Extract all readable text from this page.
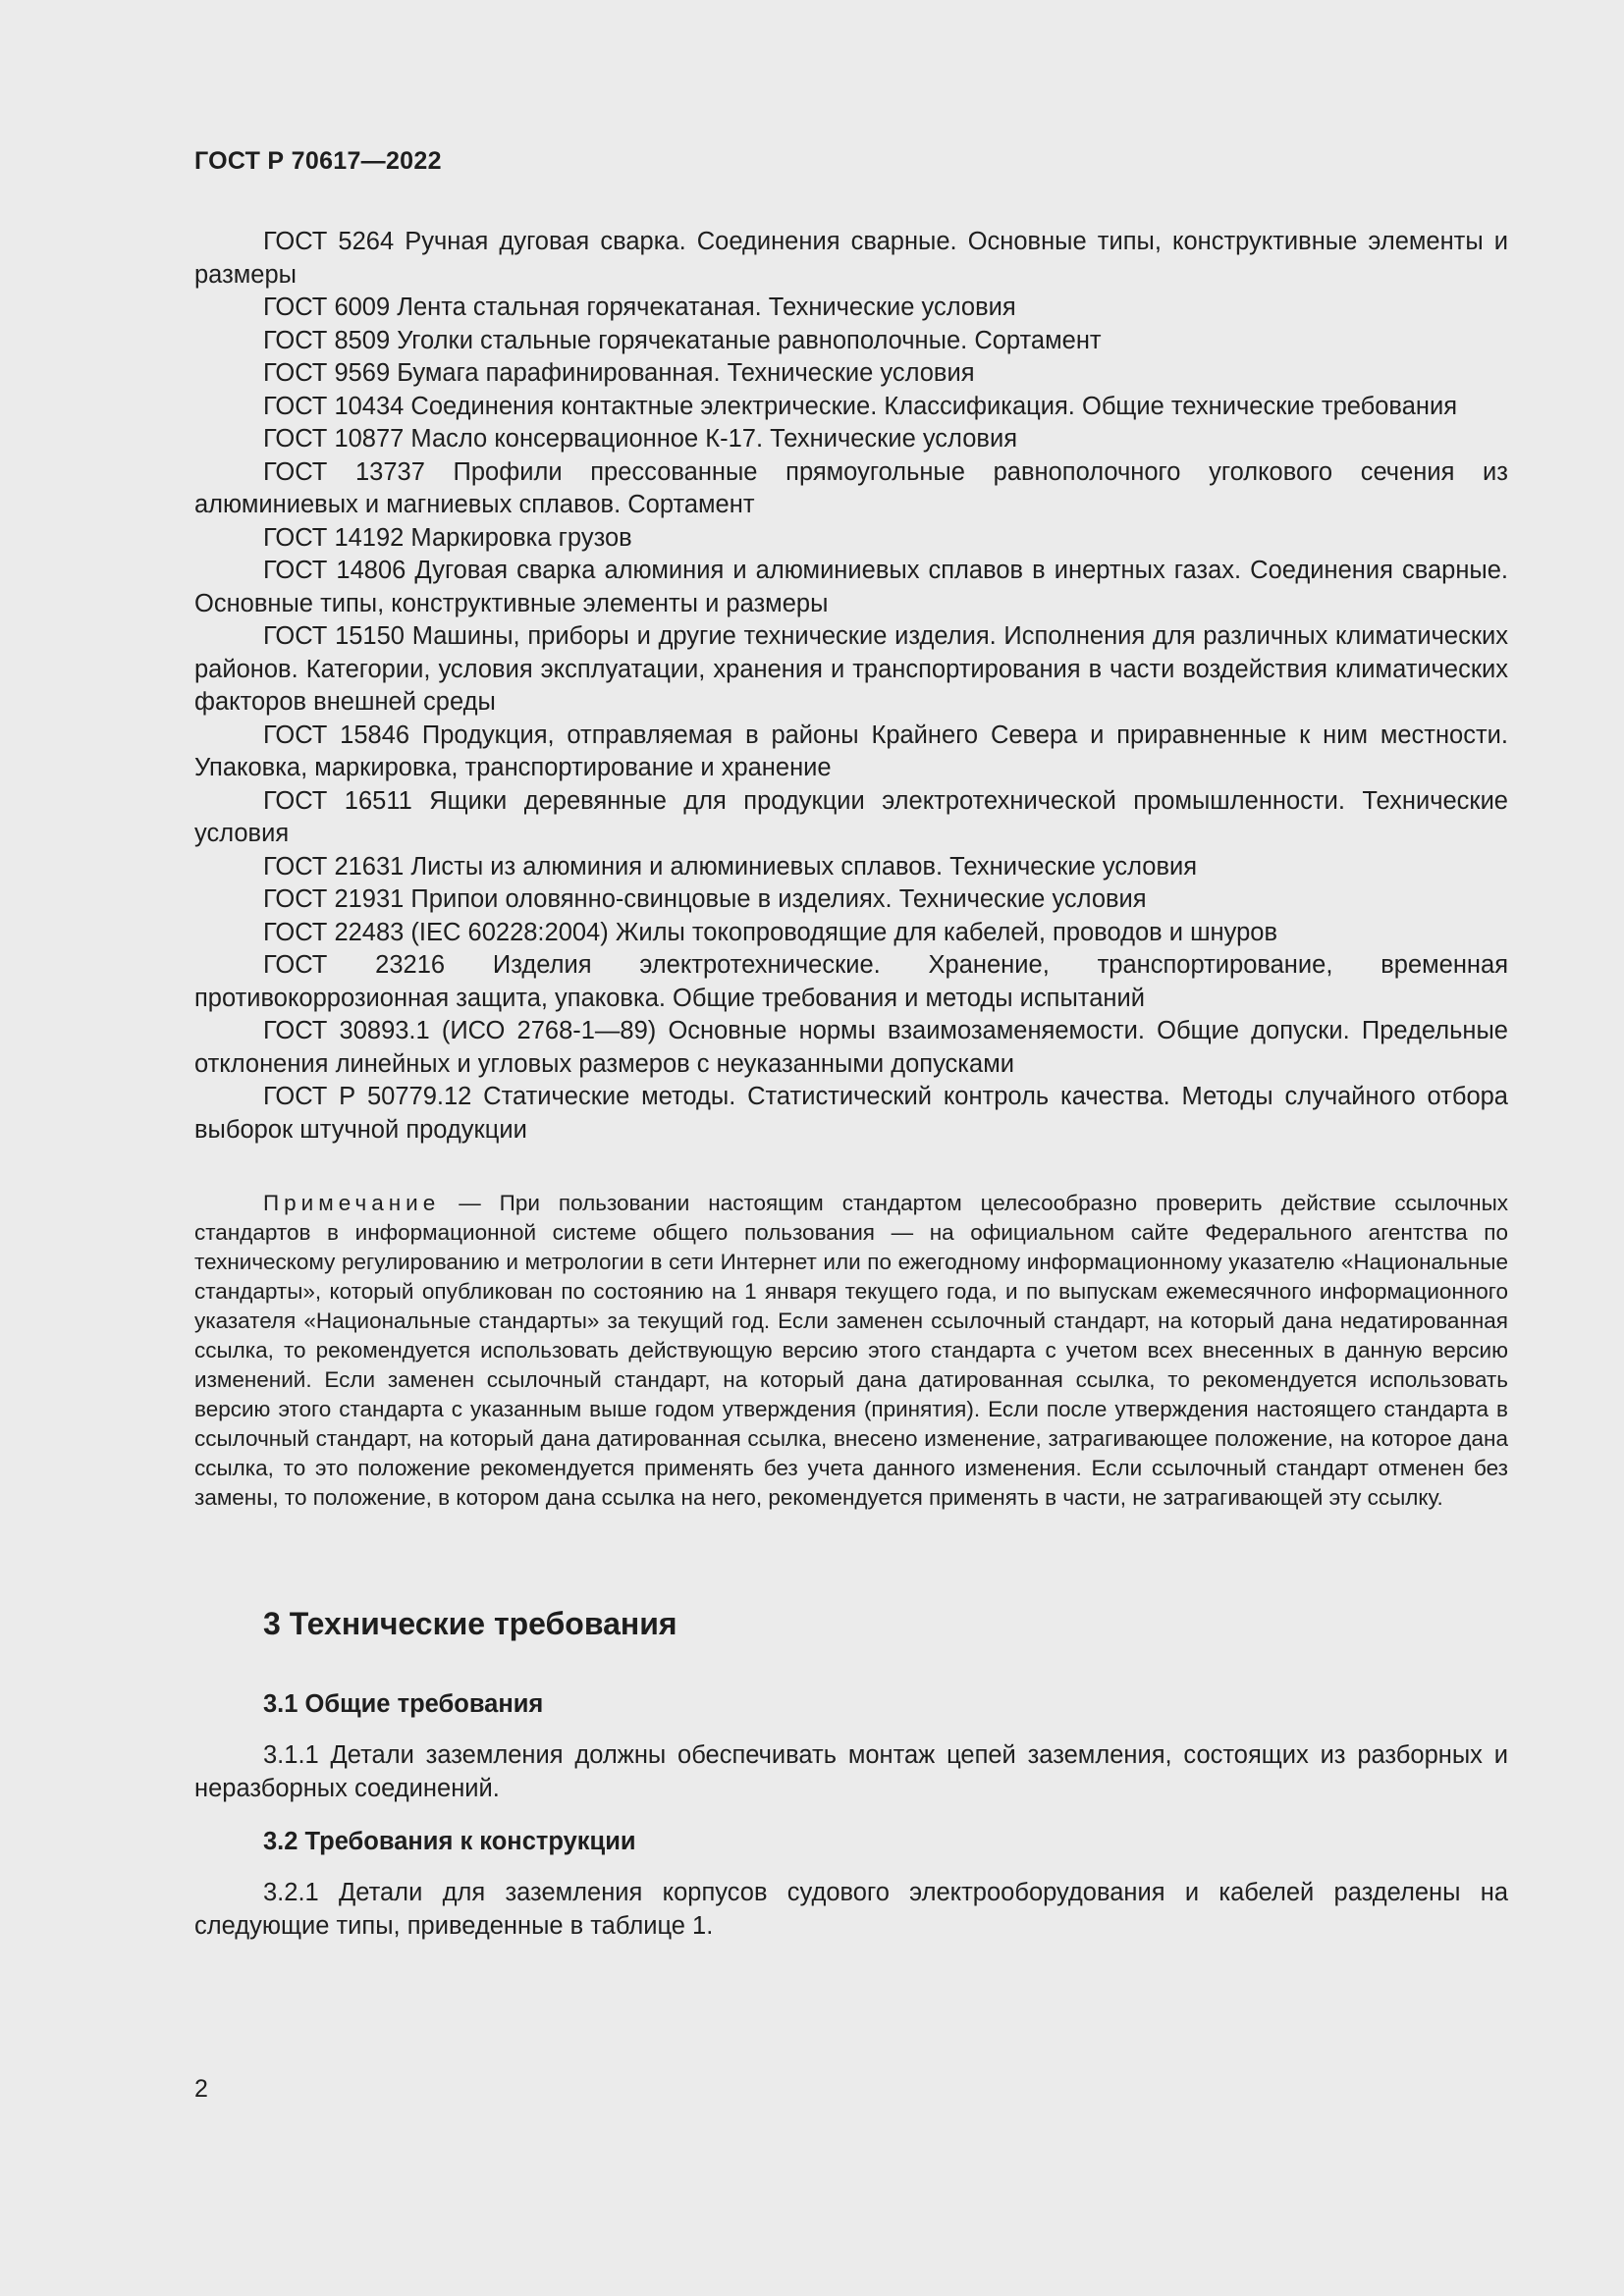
ГОСТ Р 70617—2022

ГОСТ 5264 Ручная дуговая сварка. Соединения сварные. Основные типы, конструктивные элементы и размеры

ГОСТ 6009 Лента стальная горячекатаная. Технические условия

ГОСТ 8509 Уголки стальные горячекатаные равнополочные. Сортамент

ГОСТ 9569 Бумага парафинированная. Технические условия

ГОСТ 10434 Соединения контактные электрические. Классификация. Общие технические требования

ГОСТ 10877 Масло консервационное К-17. Технические условия

ГОСТ 13737 Профили прессованные прямоугольные равнополочного уголкового сечения из алюминиевых и магниевых сплавов. Сортамент

ГОСТ 14192 Маркировка грузов

ГОСТ 14806 Дуговая сварка алюминия и алюминиевых сплавов в инертных газах. Соединения сварные. Основные типы, конструктивные элементы и размеры

ГОСТ 15150 Машины, приборы и другие технические изделия. Исполнения для различных климатических районов. Категории, условия эксплуатации, хранения и транспортирования в части воздействия климатических факторов внешней среды

ГОСТ 15846 Продукция, отправляемая в районы Крайнего Севера и приравненные к ним местности. Упаковка, маркировка, транспортирование и хранение

ГОСТ 16511 Ящики деревянные для продукции электротехнической промышленности. Технические условия

ГОСТ 21631 Листы из алюминия и алюминиевых сплавов. Технические условия

ГОСТ 21931 Припои оловянно-свинцовые в изделиях. Технические условия

ГОСТ 22483 (IEC 60228:2004) Жилы токопроводящие для кабелей, проводов и шнуров

ГОСТ 23216 Изделия электротехнические. Хранение, транспортирование, временная противокоррозионная защита, упаковка. Общие требования и методы испытаний

ГОСТ 30893.1 (ИСО 2768-1—89) Основные нормы взаимозаменяемости. Общие допуски. Предельные отклонения линейных и угловых размеров с неуказанными допусками

ГОСТ Р 50779.12 Статические методы. Статистический контроль качества. Методы случайного отбора выборок штучной продукции

Примечание — При пользовании настоящим стандартом целесообразно проверить действие ссылочных стандартов в информационной системе общего пользования — на официальном сайте Федерального агентства по техническому регулированию и метрологии в сети Интернет или по ежегодному информационному указателю «Национальные стандарты», который опубликован по состоянию на 1 января текущего года, и по выпускам ежемесячного информационного указателя «Национальные стандарты» за текущий год. Если заменен ссылочный стандарт, на который дана недатированная ссылка, то рекомендуется использовать действующую версию этого стандарта с учетом всех внесенных в данную версию изменений. Если заменен ссылочный стандарт, на который дана датированная ссылка, то рекомендуется использовать версию этого стандарта с указанным выше годом утверждения (принятия). Если после утверждения настоящего стандарта в ссылочный стандарт, на который дана датированная ссылка, внесено изменение, затрагивающее положение, на которое дана ссылка, то это положение рекомендуется применять без учета данного изменения. Если ссылочный стандарт отменен без замены, то положение, в котором дана ссылка на него, рекомендуется применять в части, не затрагивающей эту ссылку.

3 Технические требования
3.1 Общие требования

3.1.1 Детали заземления должны обеспечивать монтаж цепей заземления, состоящих из разборных и неразборных соединений.

3.2 Требования к конструкции

3.2.1 Детали для заземления корпусов судового электрооборудования и кабелей разделены на следующие типы, приведенные в таблице 1.

2
